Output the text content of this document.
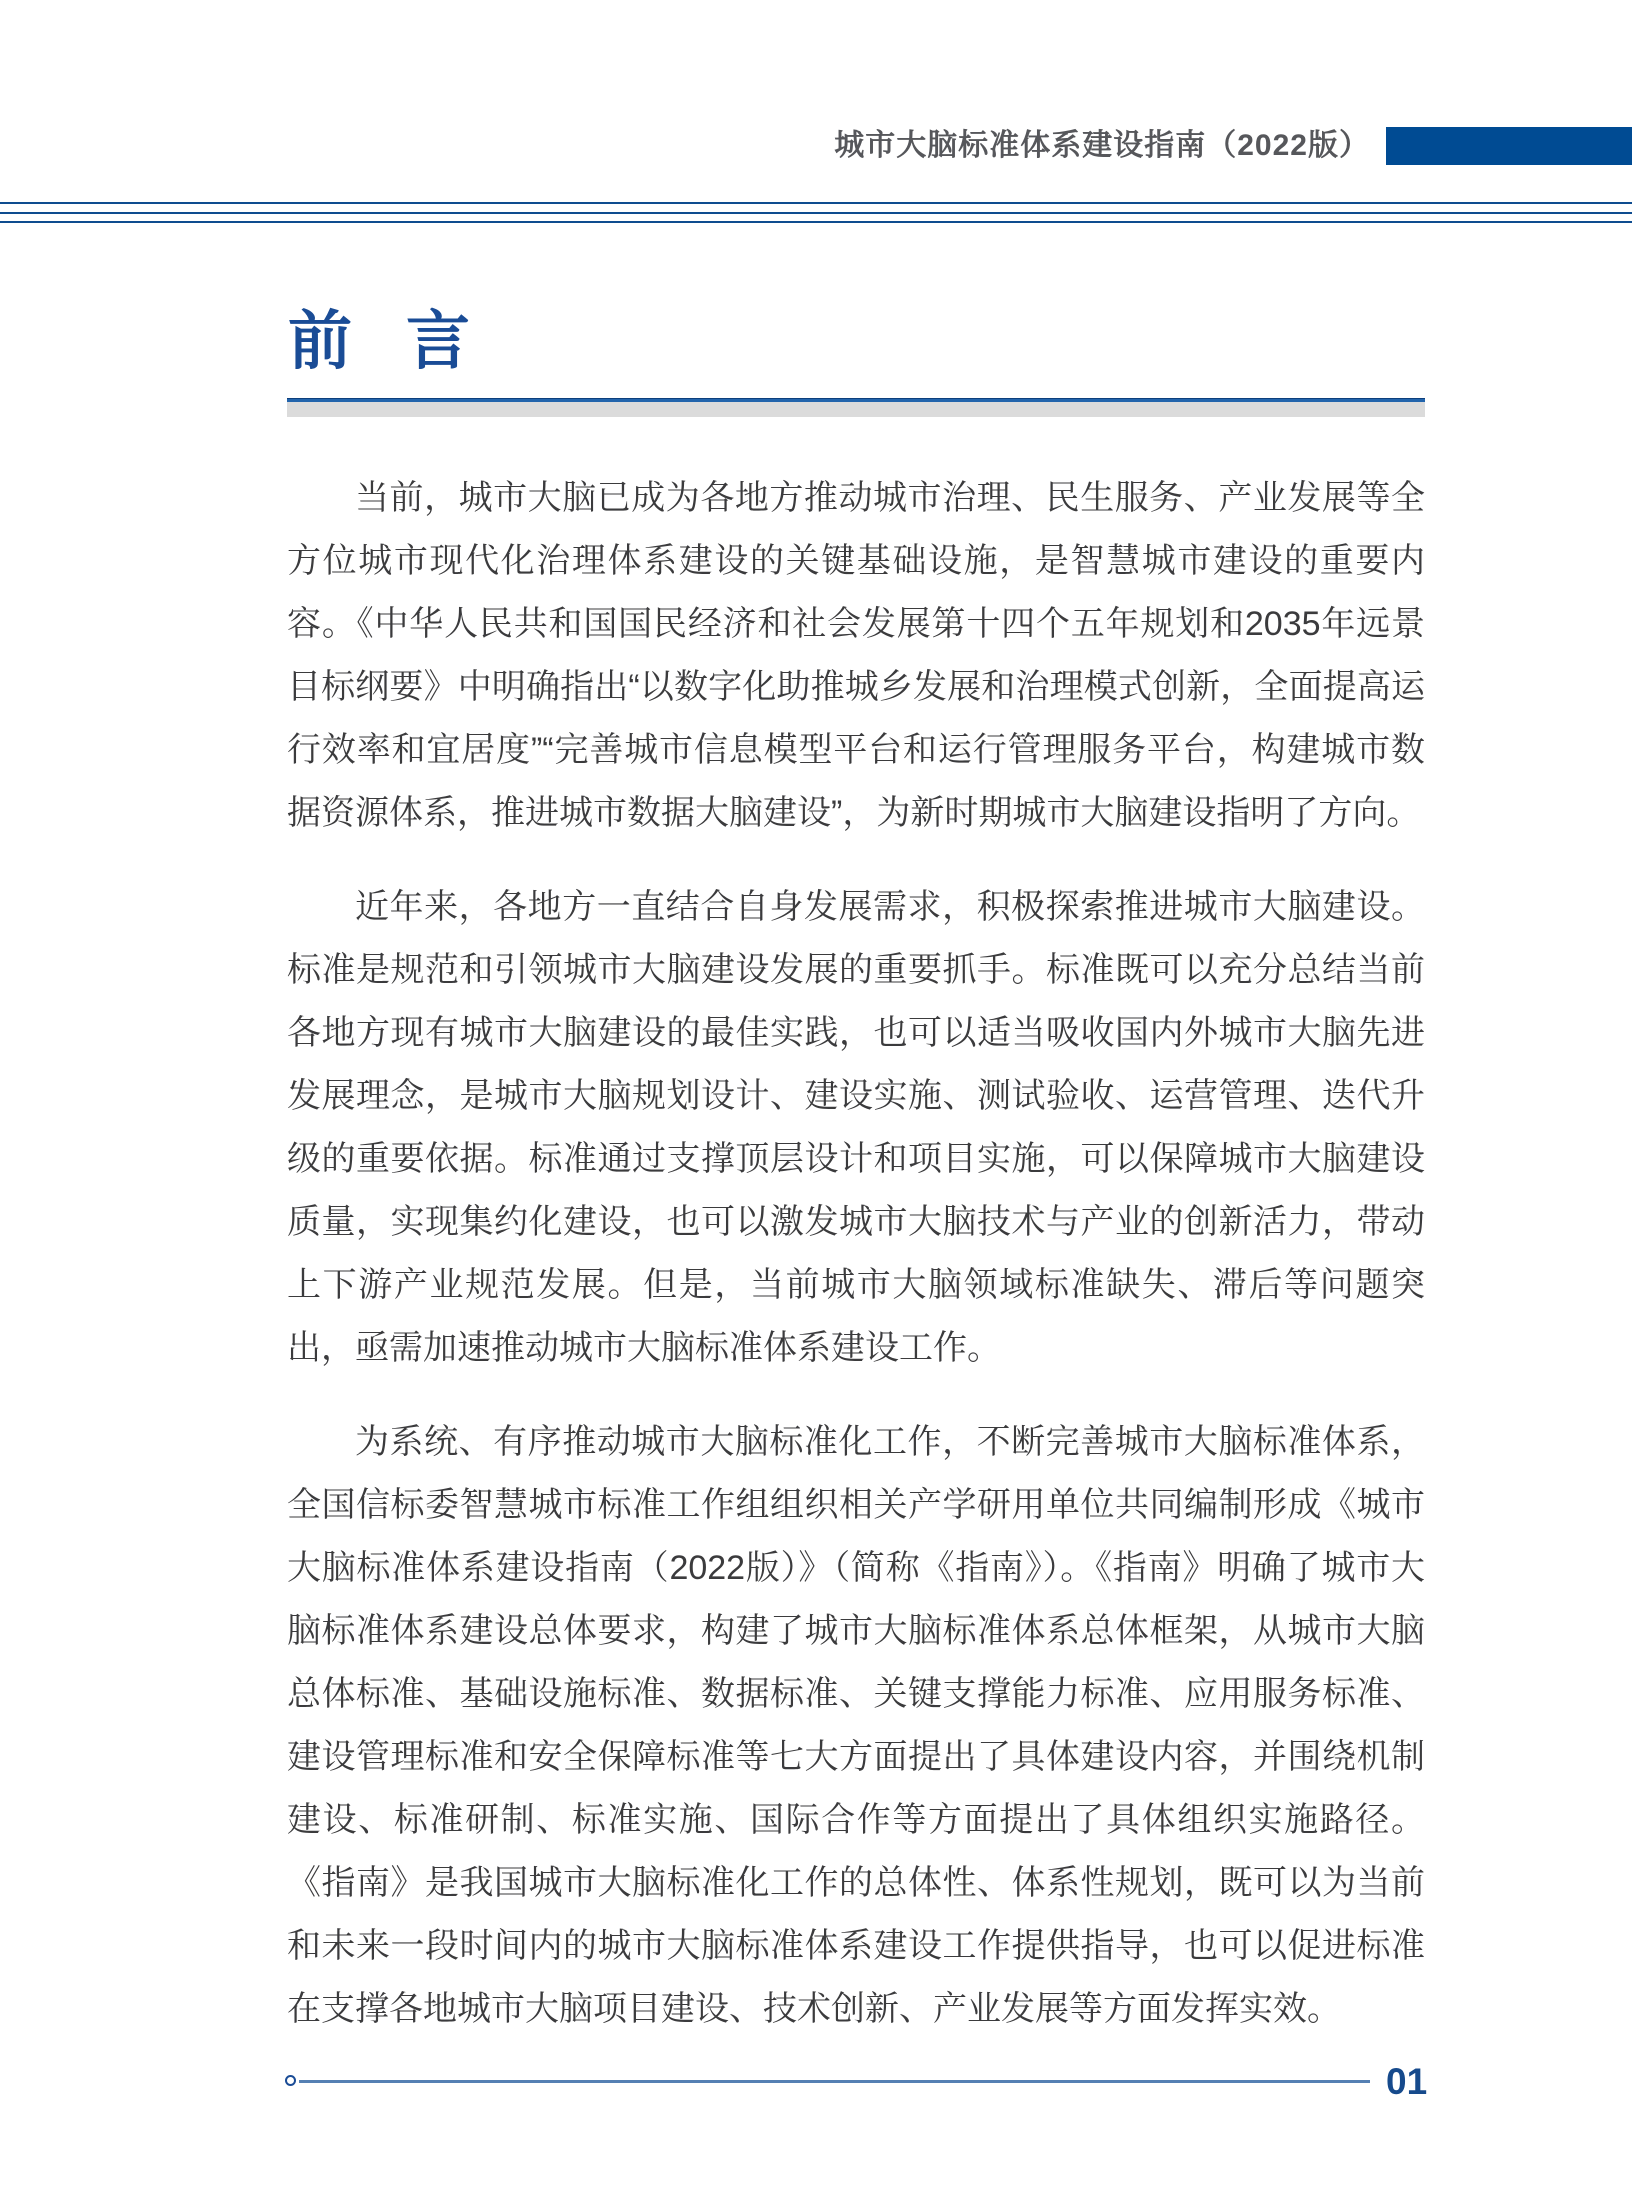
城市大脑标准体系建设指南（2022版）
前 言

当前，城市大脑已成为各地方推动城市治理、民生服务、产业发展等全方位城市现代化治理体系建设的关键基础设施，是智慧城市建设的重要内容。《中华人民共和国国民经济和社会发展第十四个五年规划和2035年远景目标纲要》中明确指出“以数字化助推城乡发展和治理模式创新，全面提高运行效率和宜居度”“完善城市信息模型平台和运行管理服务平台，构建城市数据资源体系，推进城市数据大脑建设”，为新时期城市大脑建设指明了方向。

近年来，各地方一直结合自身发展需求，积极探索推进城市大脑建设。标准是规范和引领城市大脑建设发展的重要抓手。标准既可以充分总结当前各地方现有城市大脑建设的最佳实践，也可以适当吸收国内外城市大脑先进发展理念，是城市大脑规划设计、建设实施、测试验收、运营管理、迭代升级的重要依据。标准通过支撑顶层设计和项目实施，可以保障城市大脑建设质量，实现集约化建设，也可以激发城市大脑技术与产业的创新活力，带动上下游产业规范发展。但是，当前城市大脑领域标准缺失、滞后等问题突出，亟需加速推动城市大脑标准体系建设工作。

为系统、有序推动城市大脑标准化工作，不断完善城市大脑标准体系，全国信标委智慧城市标准工作组组织相关产学研用单位共同编制形成《城市大脑标准体系建设指南（2022版）》（简称《指南》）。《指南》明确了城市大脑标准体系建设总体要求，构建了城市大脑标准体系总体框架，从城市大脑总体标准、基础设施标准、数据标准、关键支撑能力标准、应用服务标准、建设管理标准和安全保障标准等七大方面提出了具体建设内容，并围绕机制建设、标准研制、标准实施、国际合作等方面提出了具体组织实施路径。《指南》是我国城市大脑标准化工作的总体性、体系性规划，既可以为当前和未来一段时间内的城市大脑标准体系建设工作提供指导，也可以促进标准在支撑各地城市大脑项目建设、技术创新、产业发展等方面发挥实效。

01
